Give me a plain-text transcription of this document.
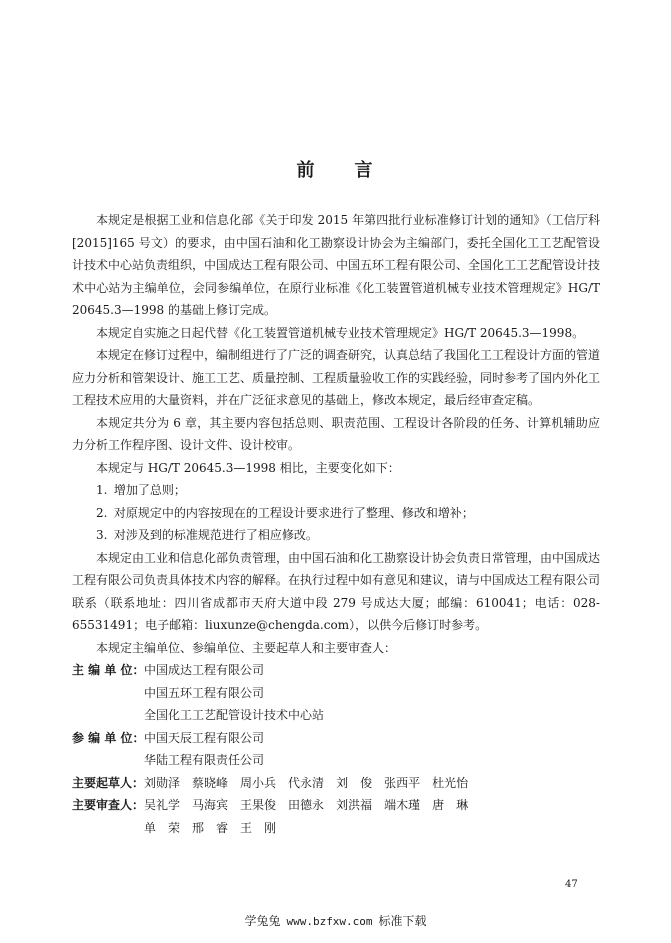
前 言

本规定是根据工业和信息化部《关于印发 2015 年第四批行业标准修订计划的通知》（工信厅科[2015]165 号文）的要求，由中国石油和化工勘察设计协会为主编部门，委托全国化工工艺配管设计技术中心站负责组织，中国成达工程有限公司、中国五环工程有限公司、全国化工工艺配管设计技术中心站为主编单位，会同参编单位，在原行业标准《化工装置管道机械专业技术管理规定》HG/T 20645.3—1998 的基础上修订完成。

本规定自实施之日起代替《化工装置管道机械专业技术管理规定》HG/T 20645.3—1998。

本规定在修订过程中，编制组进行了广泛的调查研究，认真总结了我国化工工程设计方面的管道应力分析和管架设计、施工工艺、质量控制、工程质量验收工作的实践经验，同时参考了国内外化工工程技术应用的大量资料，并在广泛征求意见的基础上，修改本规定，最后经审查定稿。

本规定共分为 6 章，其主要内容包括总则、职责范围、工程设计各阶段的任务、计算机辅助应力分析工作程序图、设计文件、设计校审。

本规定与 HG/T 20645.3—1998 相比，主要变化如下：

1. 增加了总则；
2. 对原规定中的内容按现在的工程设计要求进行了整理、修改和增补；
3. 对涉及到的标准规范进行了相应修改。

本规定由工业和信息化部负责管理，由中国石油和化工勘察设计协会负责日常管理，由中国成达工程有限公司负责具体技术内容的解释。在执行过程中如有意见和建议，请与中国成达工程有限公司联系（联系地址：四川省成都市天府大道中段 279 号成达大厦；邮编：610041；电话：028-65531491；电子邮箱：liuxunze@chengda.com），以供今后修订时参考。

本规定主编单位、参编单位、主要起草人和主要审查人：

主 编 单 位： 中国成达工程有限公司
中国五环工程有限公司
全国化工工艺配管设计技术中心站
参 编 单 位： 中国天辰工程有限公司
华陆工程有限责任公司
主要起草人： 刘勋泽 蔡晓峰 周小兵 代永清 刘　俊 张西平 杜光怡
主要审查人： 吴礼学 马海宾 王果俊 田德永 刘洪福 端木瑾 唐　琳
单　荣 邢　睿 王　刚
47
学兔兔 www.bzfxw.com 标准下载
